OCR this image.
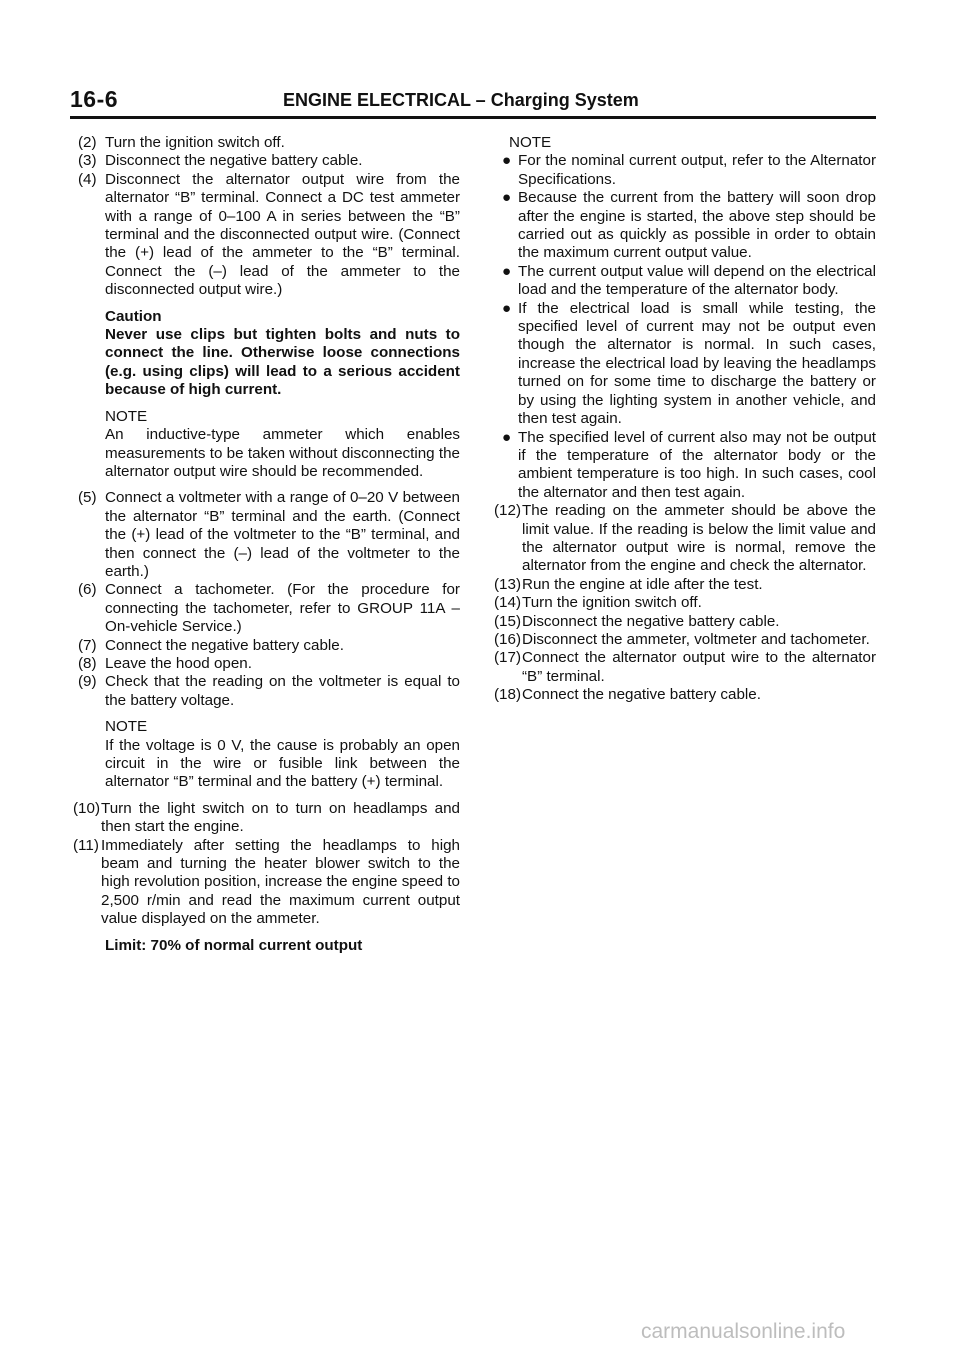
16-6	ENGINE ELECTRICAL – Charging System
(2) Turn the ignition switch off.
(3) Disconnect the negative battery cable.
(4) Disconnect the alternator output wire from the alternator “B” terminal. Connect a DC test ammeter with a range of 0–100 A in series between the “B” terminal and the disconnected output wire. (Connect the (+) lead of the ammeter to the “B” terminal. Connect the (–) lead of the ammeter to the disconnected output wire.)
Caution
Never use clips but tighten bolts and nuts to connect the line. Otherwise loose connections (e.g. using clips) will lead to a serious accident because of high current.
NOTE
An inductive-type ammeter which enables measurements to be taken without disconnecting the alternator output wire should be recommended.
(5) Connect a voltmeter with a range of 0–20 V between the alternator “B” terminal and the earth. (Connect the (+) lead of the voltmeter to the “B” terminal, and then connect the (–) lead of the voltmeter to the earth.)
(6) Connect a tachometer. (For the procedure for connecting the tachometer, refer to GROUP 11A – On-vehicle Service.)
(7) Connect the negative battery cable.
(8) Leave the hood open.
(9) Check that the reading on the voltmeter is equal to the battery voltage.
NOTE
If the voltage is 0 V, the cause is probably an open circuit in the wire or fusible link between the alternator “B” terminal and the battery (+) terminal.
(10) Turn the light switch on to turn on headlamps and then start the engine.
(11) Immediately after setting the headlamps to high beam and turning the heater blower switch to the high revolution position, increase the engine speed to 2,500 r/min and read the maximum current output value displayed on the ammeter.
Limit: 70% of normal current output
NOTE
● For the nominal current output, refer to the Alternator Specifications.
● Because the current from the battery will soon drop after the engine is started, the above step should be carried out as quickly as possible in order to obtain the maximum current output value.
● The current output value will depend on the electrical load and the temperature of the alternator body.
● If the electrical load is small while testing, the specified level of current may not be output even though the alternator is normal. In such cases, increase the electrical load by leaving the headlamps turned on for some time to discharge the battery or by using the lighting system in another vehicle, and then test again.
● The specified level of current also may not be output if the temperature of the alternator body or the ambient temperature is too high. In such cases, cool the alternator and then test again.
(12) The reading on the ammeter should be above the limit value. If the reading is below the limit value and the alternator output wire is normal, remove the alternator from the engine and check the alternator.
(13) Run the engine at idle after the test.
(14) Turn the ignition switch off.
(15) Disconnect the negative battery cable.
(16) Disconnect the ammeter, voltmeter and tachometer.
(17) Connect the alternator output wire to the alternator “B” terminal.
(18) Connect the negative battery cable.
carmanualsonline.info
